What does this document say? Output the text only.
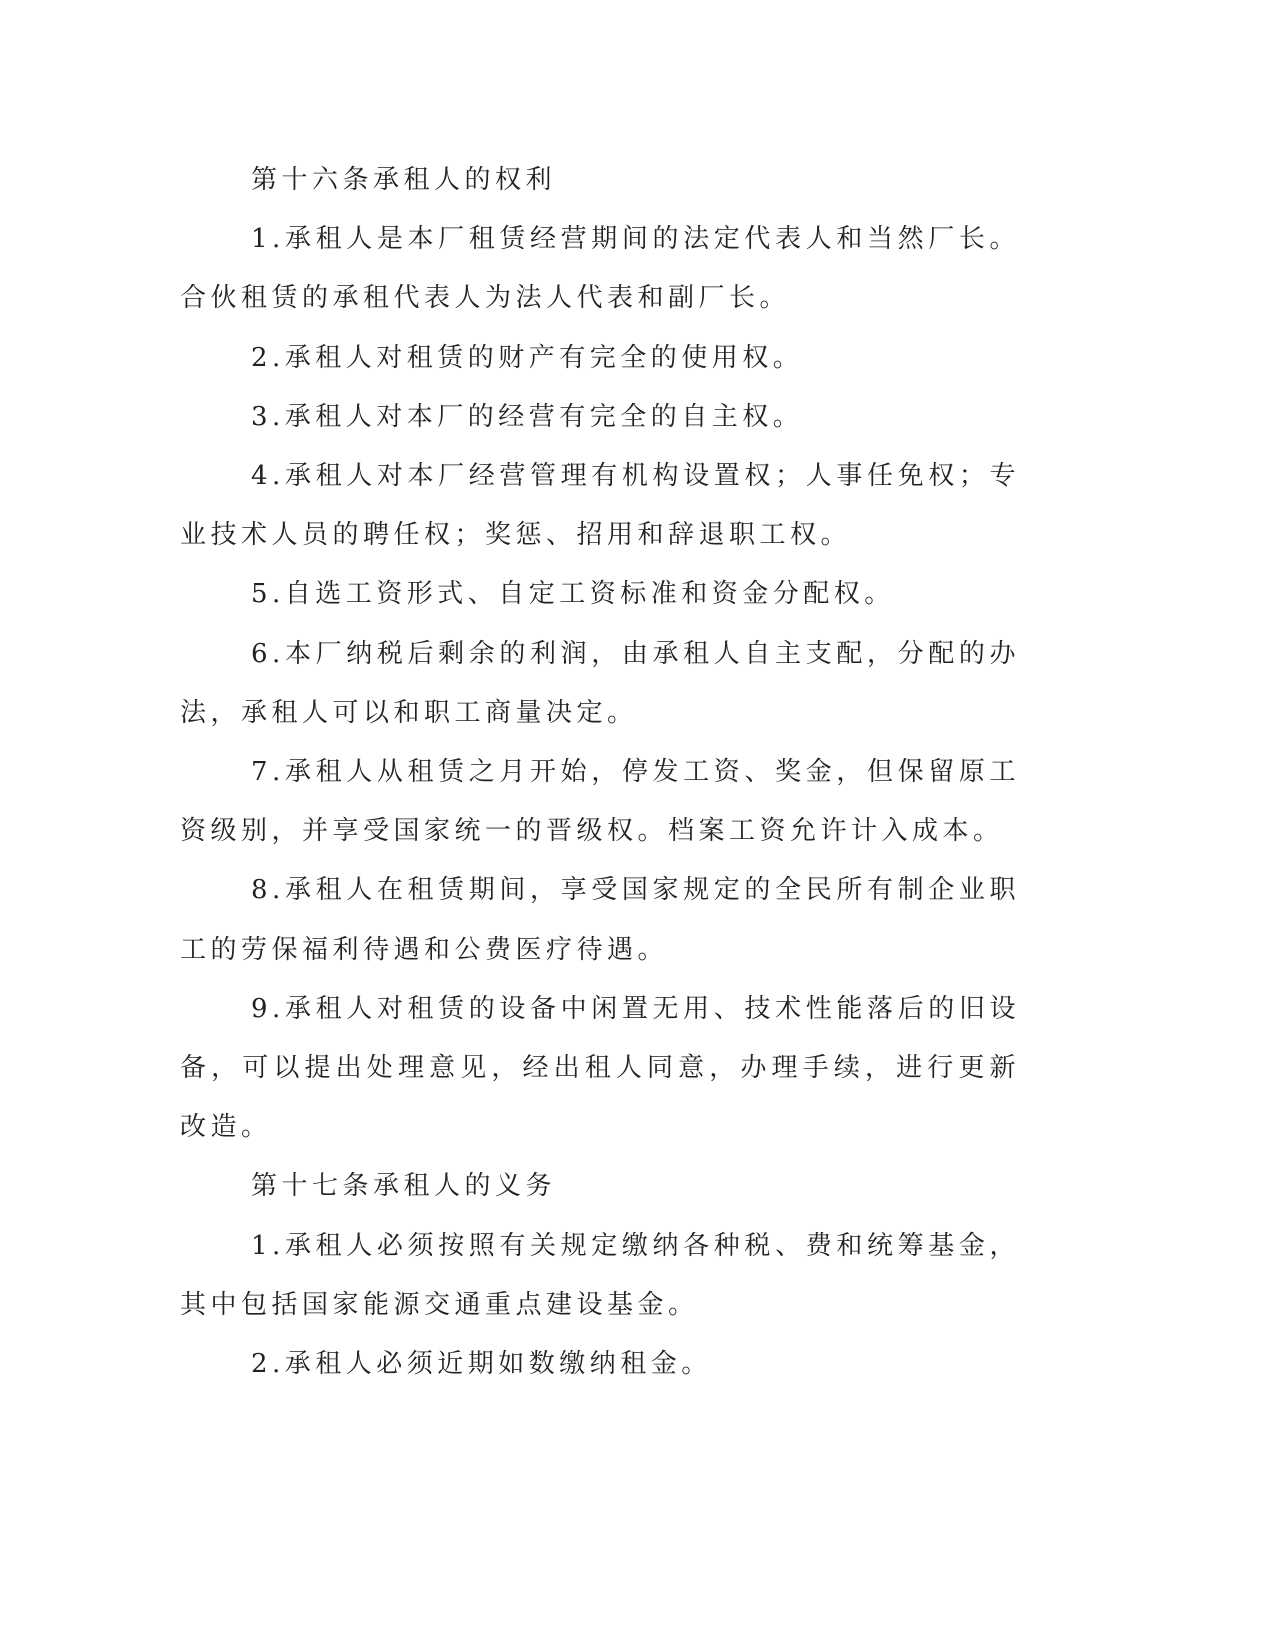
第十六条承租人的权利

1.承租人是本厂租赁经营期间的法定代表人和当然厂长。合伙租赁的承租代表人为法人代表和副厂长。

2.承租人对租赁的财产有完全的使用权。

3.承租人对本厂的经营有完全的自主权。

4.承租人对本厂经营管理有机构设置权；人事任免权；专业技术人员的聘任权；奖惩、招用和辞退职工权。

5.自选工资形式、自定工资标准和资金分配权。

6.本厂纳税后剩余的利润，由承租人自主支配，分配的办法，承租人可以和职工商量决定。

7.承租人从租赁之月开始，停发工资、奖金，但保留原工资级别，并享受国家统一的晋级权。档案工资允许计入成本。

8.承租人在租赁期间，享受国家规定的全民所有制企业职工的劳保福利待遇和公费医疗待遇。

9.承租人对租赁的设备中闲置无用、技术性能落后的旧设备，可以提出处理意见，经出租人同意，办理手续，进行更新改造。

第十七条承租人的义务

1.承租人必须按照有关规定缴纳各种税、费和统筹基金，其中包括国家能源交通重点建设基金。

2.承租人必须近期如数缴纳租金。
